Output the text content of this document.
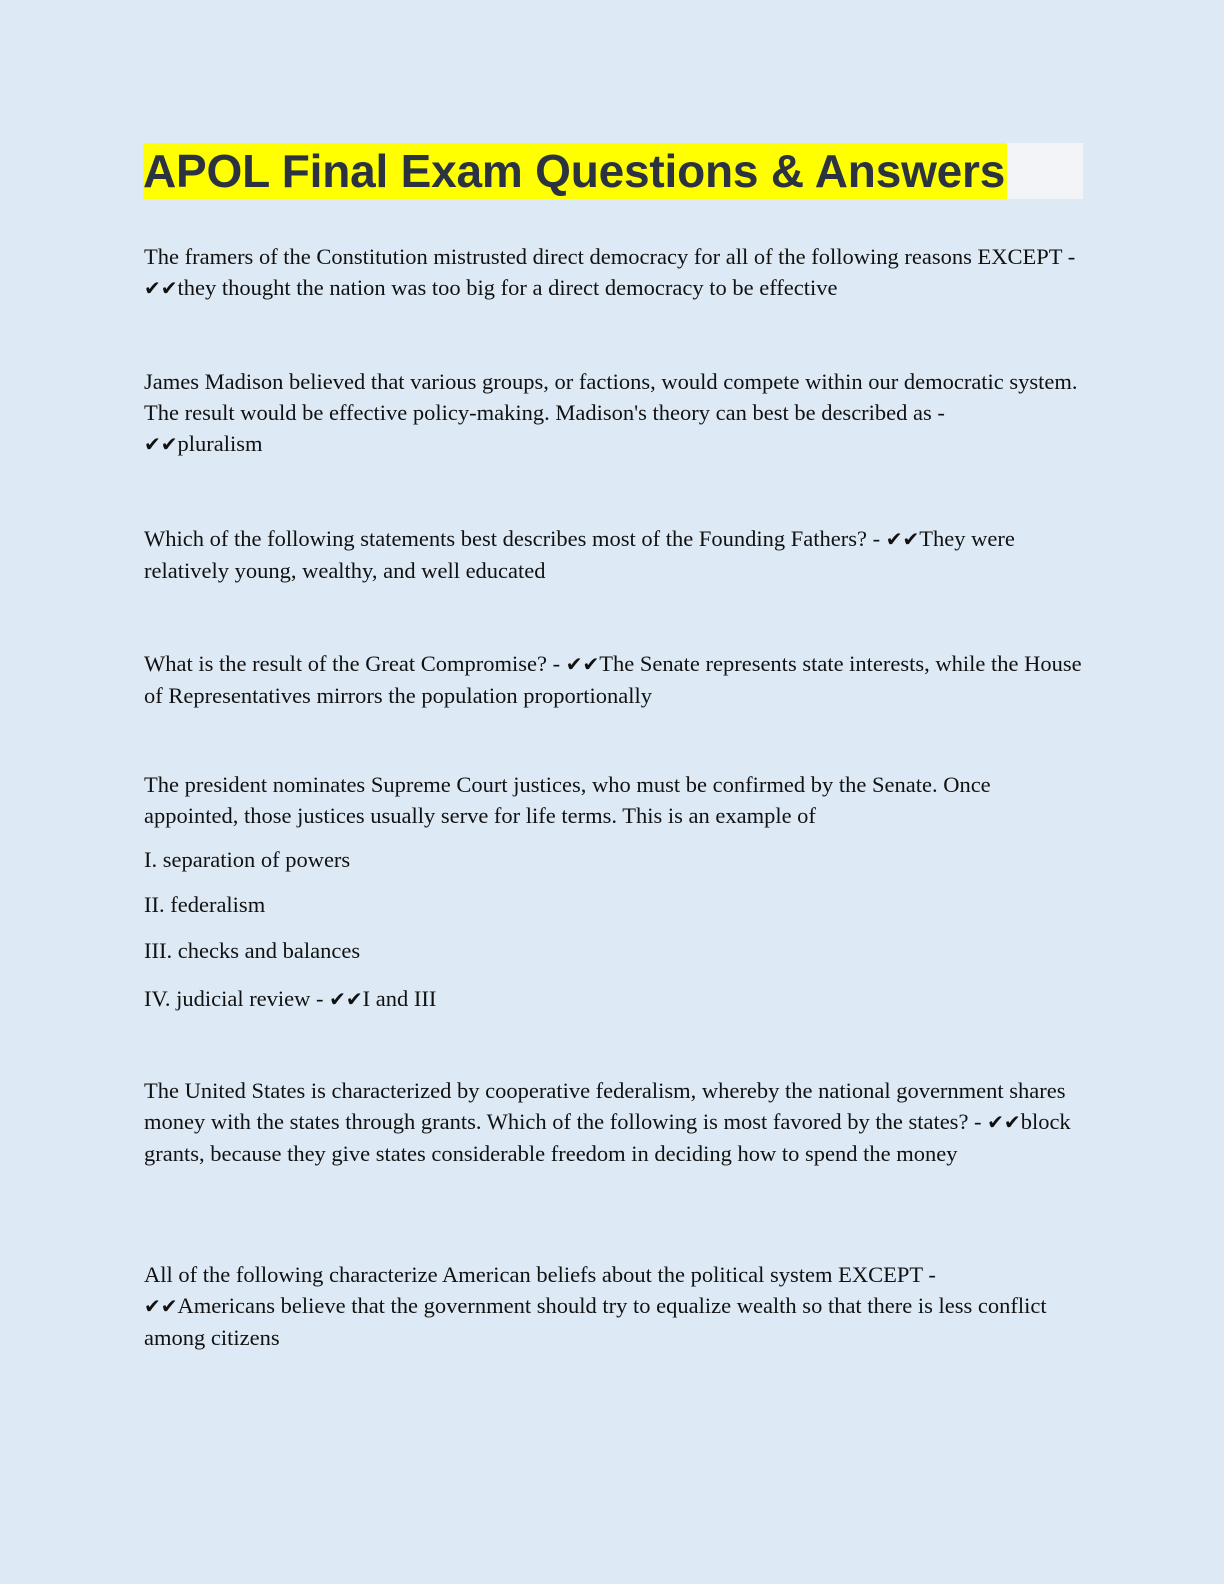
APOL Final Exam Questions & Answers

The framers of the Constitution mistrusted direct democracy for all of the following reasons EXCEPT - ✔✔they thought the nation was too big for a direct democracy to be effective

James Madison believed that various groups, or factions, would compete within our democratic system. The result would be effective policy-making. Madison's theory can best be described as -
✔✔pluralism

Which of the following statements best describes most of the Founding Fathers? - ✔✔They were relatively young, wealthy, and well educated

What is the result of the Great Compromise? - ✔✔The Senate represents state interests, while the House of Representatives mirrors the population proportionally

The president nominates Supreme Court justices, who must be confirmed by the Senate. Once appointed, those justices usually serve for life terms. This is an example of

I. separation of powers

II. federalism

III. checks and balances

IV. judicial review - ✔✔I and III

The United States is characterized by cooperative federalism, whereby the national government shares money with the states through grants. Which of the following is most favored by the states? - ✔✔block grants, because they give states considerable freedom in deciding how to spend the money

All of the following characterize American beliefs about the political system EXCEPT -
✔✔Americans believe that the government should try to equalize wealth so that there is less conflict among citizens
